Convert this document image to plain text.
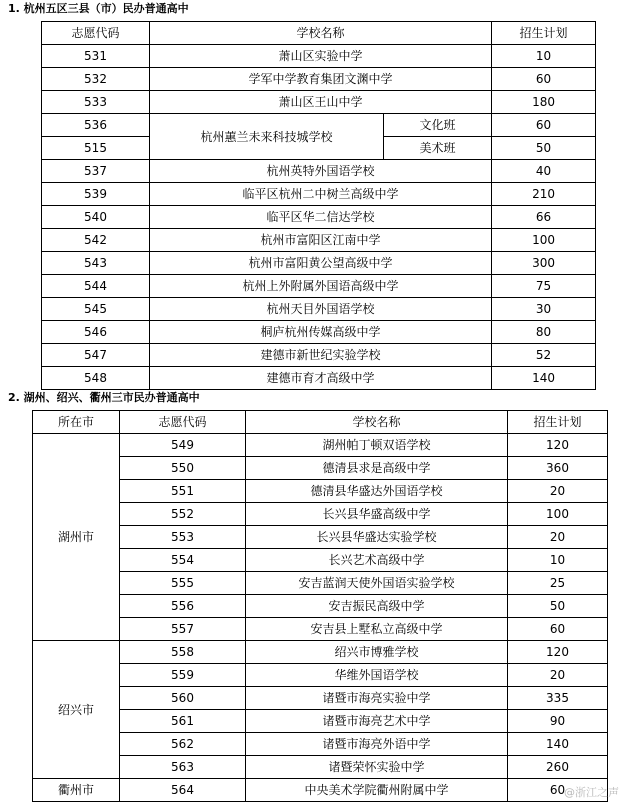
1. 杭州五区三县（市）民办普通高中
志愿代码	学校名称		招生计划
531	萧山区实验中学		10
532	学军中学教育集团文渊中学		60
533	萧山区王山中学		180
536	杭州蕙兰未来科技城学校	文化班	60
515		美术班	50
537	杭州英特外国语学校		40
539	临平区杭州二中树兰高级中学		210
540	临平区华二信达学校		66
542	杭州市富阳区江南中学		100
543	杭州市富阳黄公望高级中学		300
544	杭州上外附属外国语高级中学		75
545	杭州天目外国语学校		30
546	桐庐杭州传媒高级中学		80
547	建德市新世纪实验学校		52
548	建德市育才高级中学		140
2. 湖州、绍兴、衢州三市民办普通高中
所在市	志愿代码	学校名称	招生计划
湖州市	549	湖州帕丁顿双语学校	120
	550	德清县求是高级中学	360
	551	德清县华盛达外国语学校	20
	552	长兴县华盛高级中学	100
	553	长兴县华盛达实验学校	20
	554	长兴艺术高级中学	10
	555	安吉蓝润天使外国语实验学校	25
	556	安吉振民高级中学	50
	557	安吉县上墅私立高级中学	60
绍兴市	558	绍兴市博雅学校	120
	559	华维外国语学校	20
	560	诸暨市海亮实验中学	335
	561	诸暨市海亮艺术中学	90
	562	诸暨市海亮外语中学	140
	563	诸暨荣怀实验中学	260
衢州市	564	中央美术学院衢州附属中学	60
@浙江之声
